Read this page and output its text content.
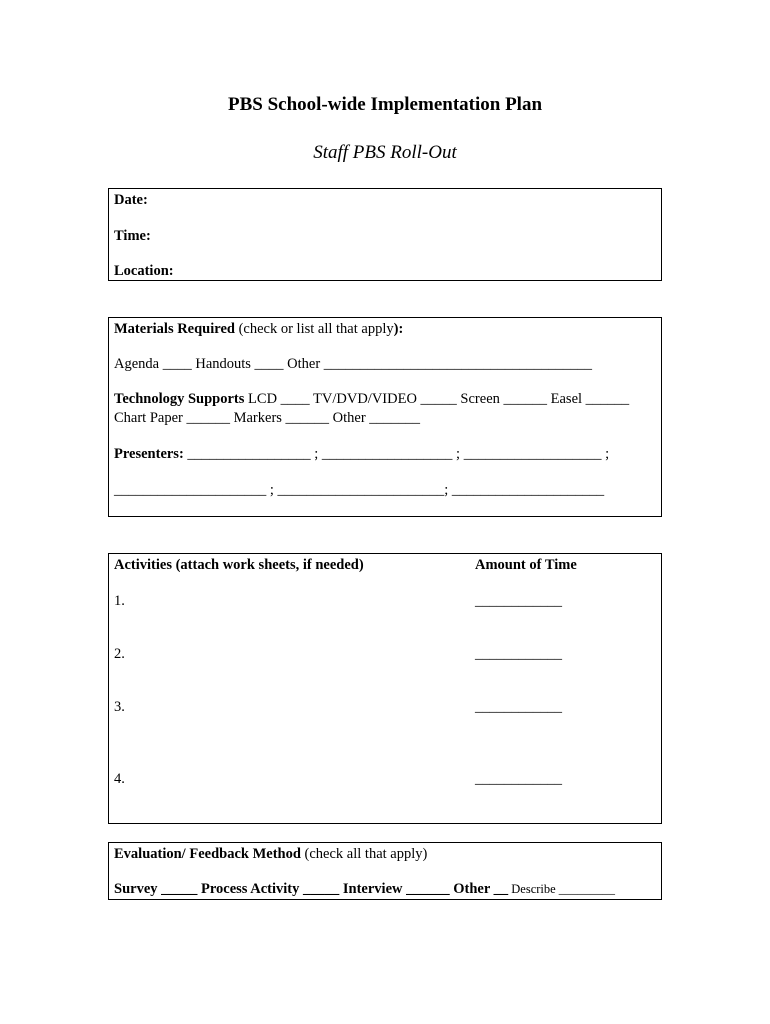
PBS School-wide Implementation Plan
Staff PBS Roll-Out
Date:
Time:
Location:
Materials Required (check or list all that apply):
Agenda ____ Handouts ____ Other _____________________________________
Technology Supports LCD ____ TV/DVD/VIDEO _____ Screen ______ Easel ______
Chart Paper ______ Markers ______ Other _______
Presenters: _________________ ; __________________ ; ___________________ ;
_____________________ ; _______________________; _____________________
Activities (attach work sheets, if needed)	Amount of Time
1.	____________
2.	____________
3.	____________
4.	____________
Evaluation/ Feedback Method (check all that apply)
Survey _____ Process Activity _____ Interview ______ Other __ Describe _________
